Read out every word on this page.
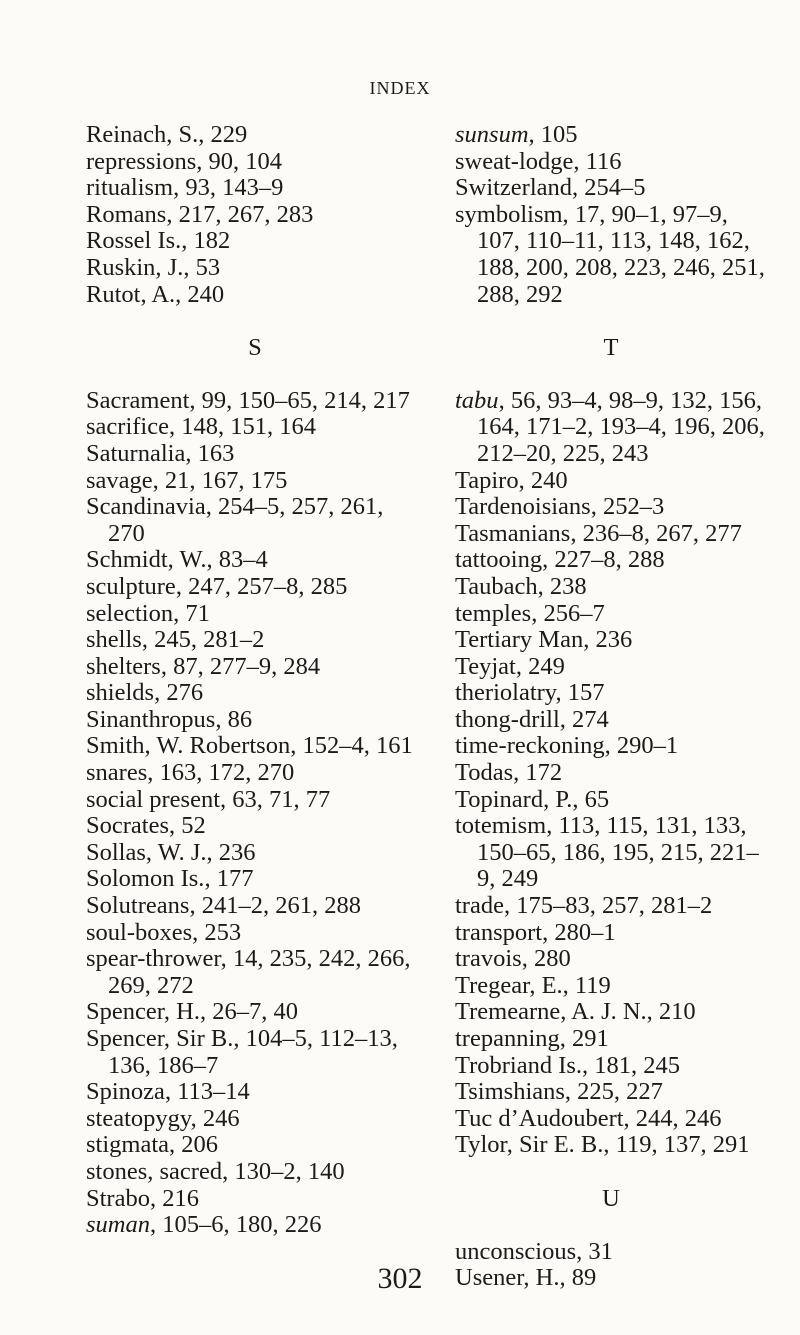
INDEX
Reinach, S., 229
repressions, 90, 104
ritualism, 93, 143–9
Romans, 217, 267, 283
Rossel Is., 182
Ruskin, J., 53
Rutot, A., 240
S
Sacrament, 99, 150–65, 214, 217
sacrifice, 148, 151, 164
Saturnalia, 163
savage, 21, 167, 175
Scandinavia, 254–5, 257, 261, 270
Schmidt, W., 83–4
sculpture, 247, 257–8, 285
selection, 71
shells, 245, 281–2
shelters, 87, 277–9, 284
shields, 276
Sinanthropus, 86
Smith, W. Robertson, 152–4, 161
snares, 163, 172, 270
social present, 63, 71, 77
Socrates, 52
Sollas, W. J., 236
Solomon Is., 177
Solutreans, 241–2, 261, 288
soul-boxes, 253
spear-thrower, 14, 235, 242, 266, 269, 272
Spencer, H., 26–7, 40
Spencer, Sir B., 104–5, 112–13, 136, 186–7
Spinoza, 113–14
steatopygy, 246
stigmata, 206
stones, sacred, 130–2, 140
Strabo, 216
suman, 105–6, 180, 226
sunsum, 105
sweat-lodge, 116
Switzerland, 254–5
symbolism, 17, 90–1, 97–9, 107, 110–11, 113, 148, 162, 188, 200, 208, 223, 246, 251, 288, 292
T
tabu, 56, 93–4, 98–9, 132, 156, 164, 171–2, 193–4, 196, 206, 212–20, 225, 243
Tapiro, 240
Tardenoisians, 252–3
Tasmanians, 236–8, 267, 277
tattooing, 227–8, 288
Taubach, 238
temples, 256–7
Tertiary Man, 236
Teyjat, 249
theriolatry, 157
thong-drill, 274
time-reckoning, 290–1
Todas, 172
Topinard, P., 65
totemism, 113, 115, 131, 133, 150–65, 186, 195, 215, 221–9, 249
trade, 175–83, 257, 281–2
transport, 280–1
travois, 280
Tregear, E., 119
Tremearne, A. J. N., 210
trepanning, 291
Trobriand Is., 181, 245
Tsimshians, 225, 227
Tuc d’Audoubert, 244, 246
Tylor, Sir E. B., 119, 137, 291
U
unconscious, 31
Usener, H., 89
302
